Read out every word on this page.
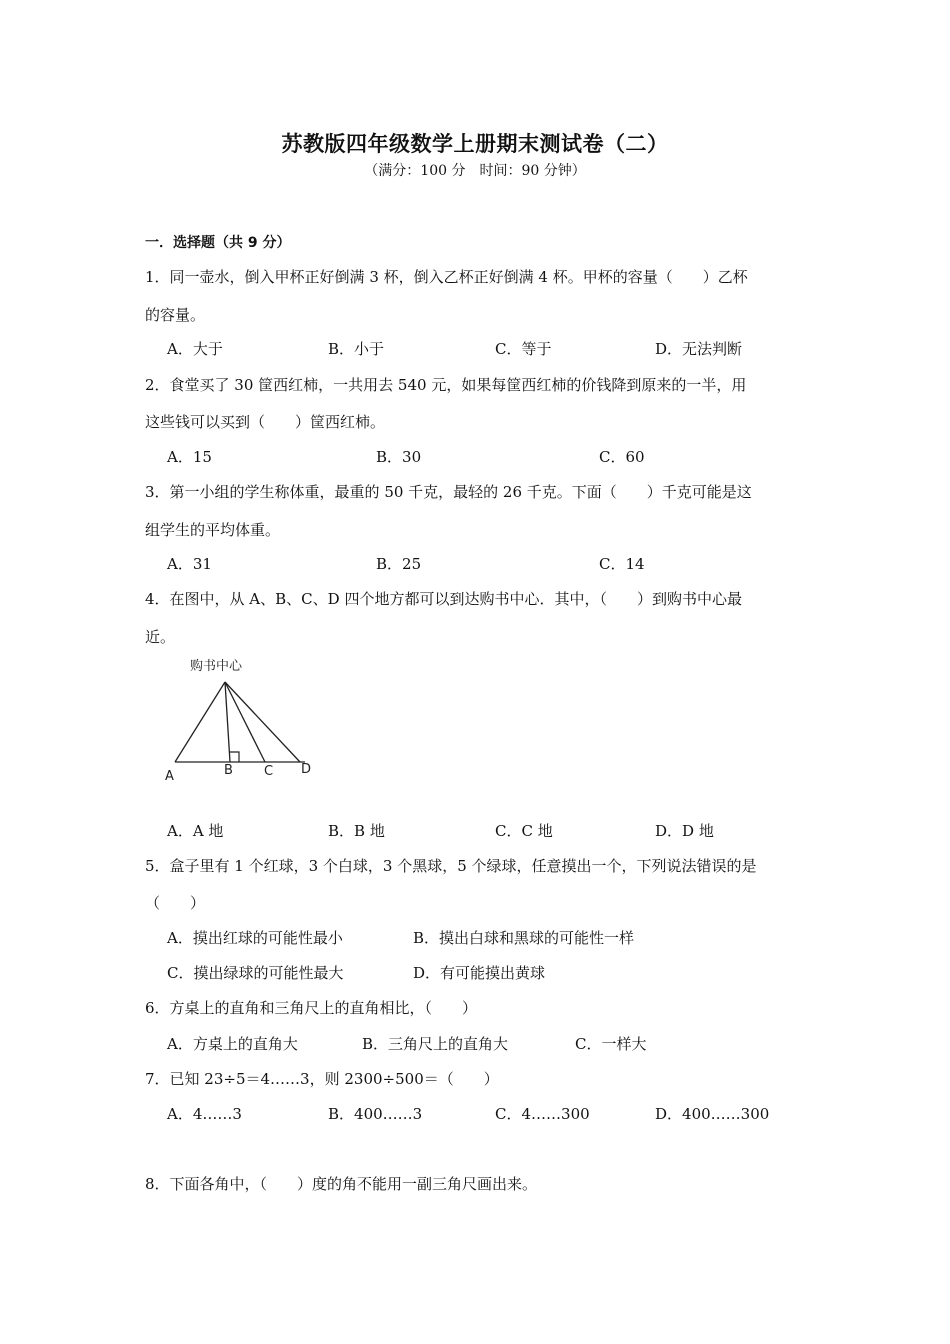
苏教版四年级数学上册期末测试卷（二）
（满分：100 分　时间：90 分钟）
一．选择题（共 9 分）
1．同一壶水，倒入甲杯正好倒满 3 杯，倒入乙杯正好倒满 4 杯。甲杯的容量（　　）乙杯
的容量。
A．大于	B．小于	C．等于	D．无法判断
2．食堂买了 30 筐西红柿，一共用去 540 元，如果每筐西红柿的价钱降到原来的一半，用
这些钱可以买到（　　）筐西红柿。
A．15	B．30	C．60
3．第一小组的学生称体重，最重的 50 千克，最轻的 26 千克。下面（　　）千克可能是这
组学生的平均体重。
A．31	B．25	C．14
4．在图中，从 A、B、C、D 四个地方都可以到达购书中心．其中，（　　）到购书中心最
近。
购书中心
A	B C D
A．A 地	B．B 地	C．C 地	D．D 地
5．盒子里有 1 个红球，3 个白球，3 个黑球，5 个绿球，任意摸出一个，下列说法错误的是
（　　）
A．摸出红球的可能性最小	B．摸出白球和黑球的可能性一样
C．摸出绿球的可能性最大	D．有可能摸出黄球
6．方桌上的直角和三角尺上的直角相比，（　　）
A．方桌上的直角大	B．三角尺上的直角大	C．一样大
7．已知 23÷5＝4……3，则 2300÷500＝（　　）
A．4……3	B．400……3	C．4……300	D．400……300
8．下面各角中，（　　）度的角不能用一副三角尺画出来。
